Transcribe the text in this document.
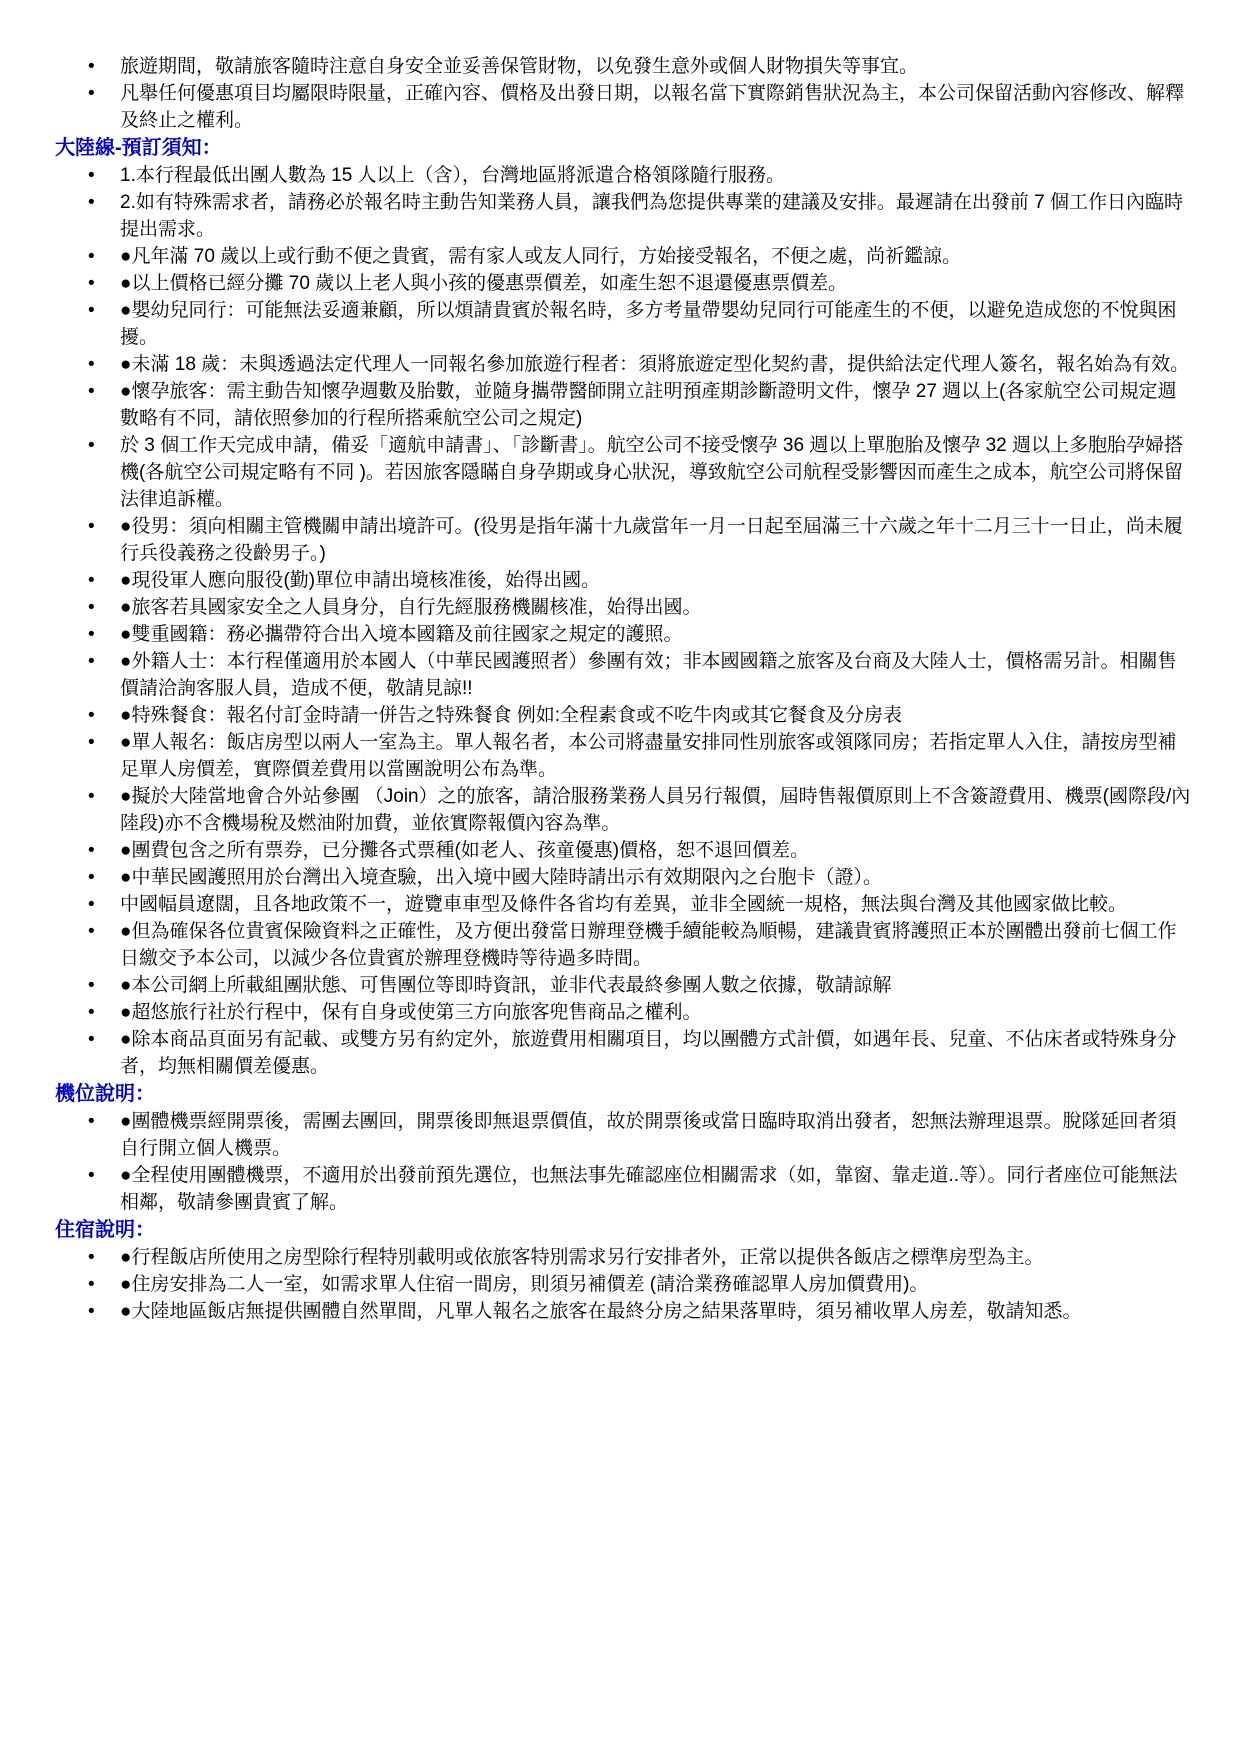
• 旅遊期間，敬請旅客隨時注意自身安全並妥善保管財物，以免發生意外或個人財物損失等事宜。
• 凡舉任何優惠項目均屬限時限量，正確內容、價格及出發日期，以報名當下實際銷售狀況為主，本公司保留活動內容修改、解釋及終止之權利。
大陸線-預訂須知：
• 1.本行程最低出團人數為 15 人以上（含），台灣地區將派遣合格領隊隨行服務。
• 2.如有特殊需求者，請務必於報名時主動告知業務人員，讓我們為您提供專業的建議及安排。最遲請在出發前 7 個工作日內臨時提出需求。
• ●凡年滿 70 歲以上或行動不便之貴賓，需有家人或友人同行，方始接受報名，不便之處，尚祈鑑諒。
• ●以上價格已經分攤 70 歲以上老人與小孩的優惠票價差，如產生恕不退還優惠票價差。
• ●嬰幼兒同行：可能無法妥適兼顧，所以煩請貴賓於報名時，多方考量帶嬰幼兒同行可能產生的不便，以避免造成您的不悅與困擾。
• ●未滿 18 歲：未與透過法定代理人一同報名參加旅遊行程者：須將旅遊定型化契約書，提供給法定代理人簽名，報名始為有效。
• ●懷孕旅客：需主動告知懷孕週數及胎數，並隨身攜帶醫師開立註明預產期診斷證明文件，懷孕 27 週以上(各家航空公司規定週數略有不同，請依照參加的行程所搭乘航空公司之規定)
• 於 3 個工作天完成申請，備妥「適航申請書」、「診斷書」。航空公司不接受懷孕 36 週以上單胞胎及懷孕 32 週以上多胞胎孕婦搭機(各航空公司規定略有不同 )。若因旅客隱瞞自身孕期或身心狀況，導致航空公司航程受影響因而產生之成本，航空公司將保留法律追訴權。
• ●役男：須向相關主管機關申請出境許可。(役男是指年滿十九歲當年一月一日起至屆滿三十六歲之年十二月三十一日止，尚未履行兵役義務之役齡男子。)
• ●現役軍人應向服役(勤)單位申請出境核准後，始得出國。
• ●旅客若具國家安全之人員身分，自行先經服務機關核准，始得出國。
• ●雙重國籍：務必攜帶符合出入境本國籍及前往國家之規定的護照。
• ●外籍人士：本行程僅適用於本國人（中華民國護照者）參團有效；非本國國籍之旅客及台商及大陸人士，價格需另計。相關售價請洽詢客服人員，造成不便，敬請見諒!!
• ●特殊餐食：報名付訂金時請一併告之特殊餐食 例如:全程素食或不吃牛肉或其它餐食及分房表
• ●單人報名：飯店房型以兩人一室為主。單人報名者，本公司將盡量安排同性別旅客或領隊同房；若指定單人入住，請按房型補足單人房價差，實際價差費用以當團說明公布為準。
• ●擬於大陸當地會合外站參團 （Join）之的旅客，請洽服務業務人員另行報價，屆時售報價原則上不含簽證費用、機票(國際段/內陸段)亦不含機場稅及燃油附加費，並依實際報價內容為準。
• ●團費包含之所有票券，已分攤各式票種(如老人、孩童優惠)價格，恕不退回價差。
• ●中華民國護照用於台灣出入境查驗，出入境中國大陸時請出示有效期限內之台胞卡（證）。
• 中國幅員遼闊，且各地政策不一，遊覽車車型及條件各省均有差異，並非全國統一規格，無法與台灣及其他國家做比較。
• ●但為確保各位貴賓保險資料之正確性，及方便出發當日辦理登機手續能較為順暢，建議貴賓將護照正本於團體出發前七個工作日繳交予本公司，以減少各位貴賓於辦理登機時等待過多時間。
• ●本公司網上所載組團狀態、可售團位等即時資訊，並非代表最終參團人數之依據，敬請諒解
• ●超悠旅行社於行程中，保有自身或使第三方向旅客兜售商品之權利。
• ●除本商品頁面另有記載、或雙方另有約定外，旅遊費用相關項目，均以團體方式計價，如遇年長、兒童、不佔床者或特殊身分者，均無相關價差優惠。
機位說明：
• ●團體機票經開票後，需團去團回，開票後即無退票價值，故於開票後或當日臨時取消出發者，恕無法辦理退票。脫隊延回者須自行開立個人機票。
• ●全程使用團體機票，不適用於出發前預先選位，也無法事先確認座位相關需求（如，靠窗、靠走道..等）。同行者座位可能無法相鄰，敬請參團貴賓了解。
住宿說明：
• ●行程飯店所使用之房型除行程特別載明或依旅客特別需求另行安排者外，正常以提供各飯店之標準房型為主。
• ●住房安排為二人一室，如需求單人住宿一間房，則須另補價差 (請洽業務確認單人房加價費用)。
• ●大陸地區飯店無提供團體自然單間，凡單人報名之旅客在最終分房之結果落單時，須另補收單人房差，敬請知悉。
